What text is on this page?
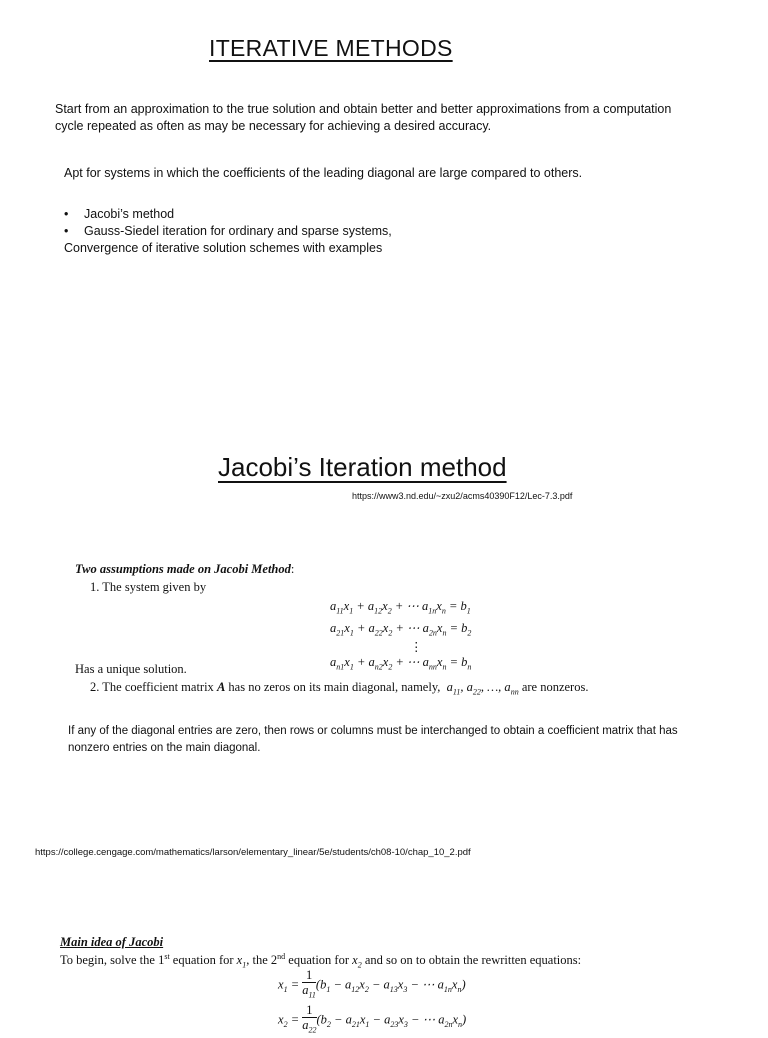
ITERATIVE METHODS
Start from an approximation to the true solution and obtain better and better approximations from a computation cycle repeated as often as may be necessary for achieving a desired accuracy.
Apt for systems in which the coefficients of the leading diagonal are large compared to others.
• Jacobi’s method
• Gauss-Siedel iteration for ordinary and sparse systems,
Convergence of iterative solution schemes with examples
Jacobi’s Iteration method
https://www3.nd.edu/~zxu2/acms40390F12/Lec-7.3.pdf
Two assumptions made on Jacobi Method:
1. The system given by
$a_{11}x_1 + a_{12}x_2$ + ⋯ $a_{1n}x_n = b_1$
$a_{21}x_1 + a_{22}x_2$ + ⋯ $a_{2n}x_n = b_2$
⋮
$a_{n1}x_1 + a_{n2}x_2$ + ⋯ $a_{nn}x_n = b_n$
Has a unique solution.
2. The coefficient matrix A has no zeros on its main diagonal, namely,  $a_{11}$, $a_{22}$, …, $a_{nn}$ are nonzeros.
If any of the diagonal entries are zero, then rows or columns must be interchanged to obtain a coefficient matrix that has nonzero entries on the main diagonal.
https://college.cengage.com/mathematics/larson/elementary_linear/5e/students/ch08-10/chap_10_2.pdf
Main idea of Jacobi
To begin, solve the 1st equation for $x_1$, the 2nd equation for $x_2$ and so on to obtain the rewritten equations:
$x_1 = \frac{1}{a_{11}} (b_1 - a_{12}x_2 - a_{13}x_3$ − ⋯ $a_{1n}x_n$)
$x_2 = \frac{1}{a_{22}} (b_2 - a_{21}x_1 - a_{23}x_3$ − ⋯ $a_{2n}x_n$)
